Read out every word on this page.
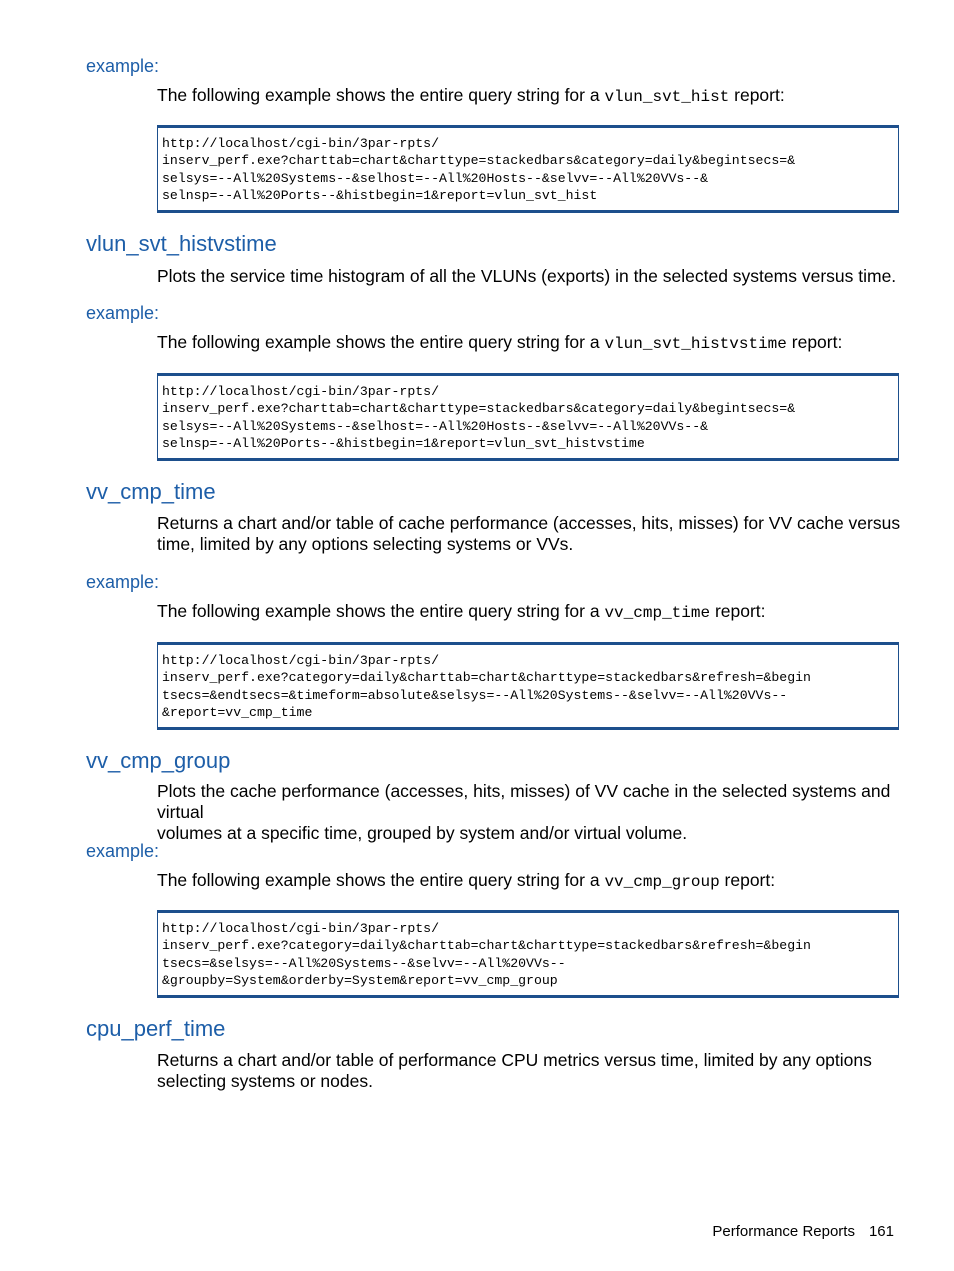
example:
The following example shows the entire query string for a vlun_svt_hist report:
http://localhost/cgi-bin/3par-rpts/
inserv_perf.exe?charttab=chart&charttype=stackedbars&category=daily&begintsecs=&
selsys=--All%20Systems--&selhost=--All%20Hosts--&selvv=--All%20VVs--&
selnsp=--All%20Ports--&histbegin=1&report=vlun_svt_hist
vlun_svt_histvstime
Plots the service time histogram of all the VLUNs (exports) in the selected systems versus time.
example:
The following example shows the entire query string for a vlun_svt_histvstime report:
http://localhost/cgi-bin/3par-rpts/
inserv_perf.exe?charttab=chart&charttype=stackedbars&category=daily&begintsecs=&
selsys=--All%20Systems--&selhost=--All%20Hosts--&selvv=--All%20VVs--&
selnsp=--All%20Ports--&histbegin=1&report=vlun_svt_histvstime
vv_cmp_time
Returns a chart and/or table of cache performance (accesses, hits, misses) for VV cache versus
time, limited by any options selecting systems or VVs.
example:
The following example shows the entire query string for a vv_cmp_time report:
http://localhost/cgi-bin/3par-rpts/
inserv_perf.exe?category=daily&charttab=chart&charttype=stackedbars&refresh=&begin
tsecs=&endtsecs=&timeform=absolute&selsys=--All%20Systems--&selvv=--All%20VVs--
&report=vv_cmp_time
vv_cmp_group
Plots the cache performance (accesses, hits, misses) of VV cache in the selected systems and virtual
volumes at a specific time, grouped by system and/or virtual volume.
example:
The following example shows the entire query string for a vv_cmp_group report:
http://localhost/cgi-bin/3par-rpts/
inserv_perf.exe?category=daily&charttab=chart&charttype=stackedbars&refresh=&begin
tsecs=&selsys=--All%20Systems--&selvv=--All%20VVs--
&groupby=System&orderby=System&report=vv_cmp_group
cpu_perf_time
Returns a chart and/or table of performance CPU metrics versus time, limited by any options
selecting systems or nodes.
Performance Reports 161
